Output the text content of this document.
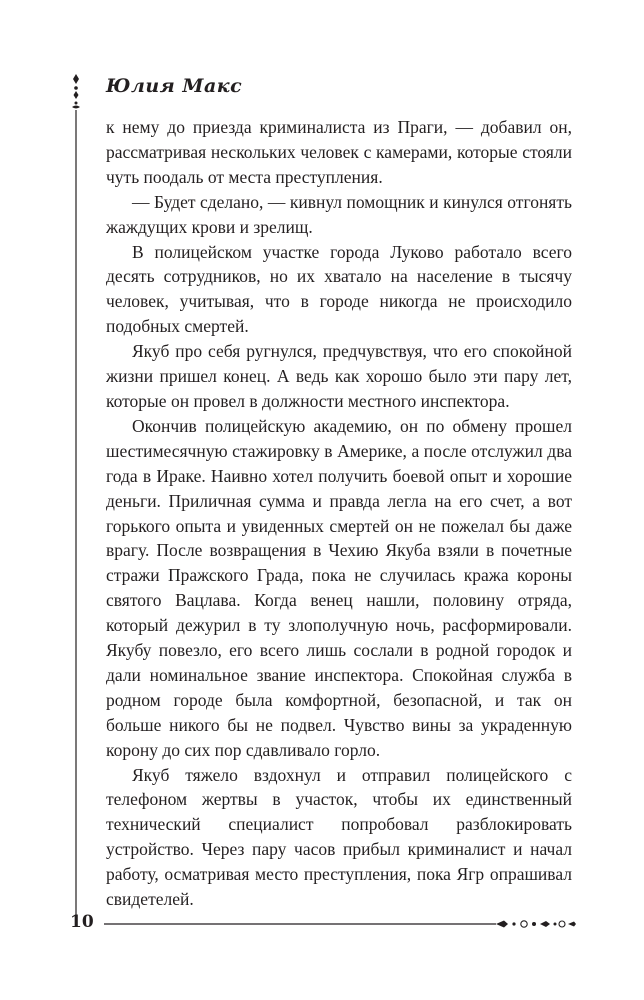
Юлия Макс

к нему до приезда криминалиста из Праги, — добавил он, рассматривая нескольких человек с камерами, которые стояли чуть поодаль от места преступления.

— Будет сделано, — кивнул помощник и кинулся отгонять жаждущих крови и зрелищ.

В полицейском участке города Луково работало всего десять сотрудников, но их хватало на население в тысячу человек, учитывая, что в городе никогда не происходило подобных смертей.

Якуб про себя ругнулся, предчувствуя, что его спокойной жизни пришел конец. А ведь как хорошо было эти пару лет, которые он провел в должности местного инспектора.

Окончив полицейскую академию, он по обмену прошел шестимесячную стажировку в Америке, а после отслужил два года в Ираке. Наивно хотел получить боевой опыт и хорошие деньги. Приличная сумма и правда легла на его счет, а вот горького опыта и увиденных смертей он не пожелал бы даже врагу. После возвращения в Чехию Якуба взяли в почетные стражи Пражского Града, пока не случилась кража короны святого Вацлава. Когда венец нашли, половину отряда, который дежурил в ту злополучную ночь, расформировали. Якубу повезло, его всего лишь сослали в родной городок и дали номинальное звание инспектора. Спокойная служба в родном городе была комфортной, безопасной, и так он больше никого бы не подвел. Чувство вины за украденную корону до сих пор сдавливало горло.

Якуб тяжело вздохнул и отправил полицейского с телефоном жертвы в участок, чтобы их единственный технический специалист попробовал разблокировать устройство. Через пару часов прибыл криминалист и начал работу, осматривая место преступления, пока Ягр опрашивал свидетелей.

10
